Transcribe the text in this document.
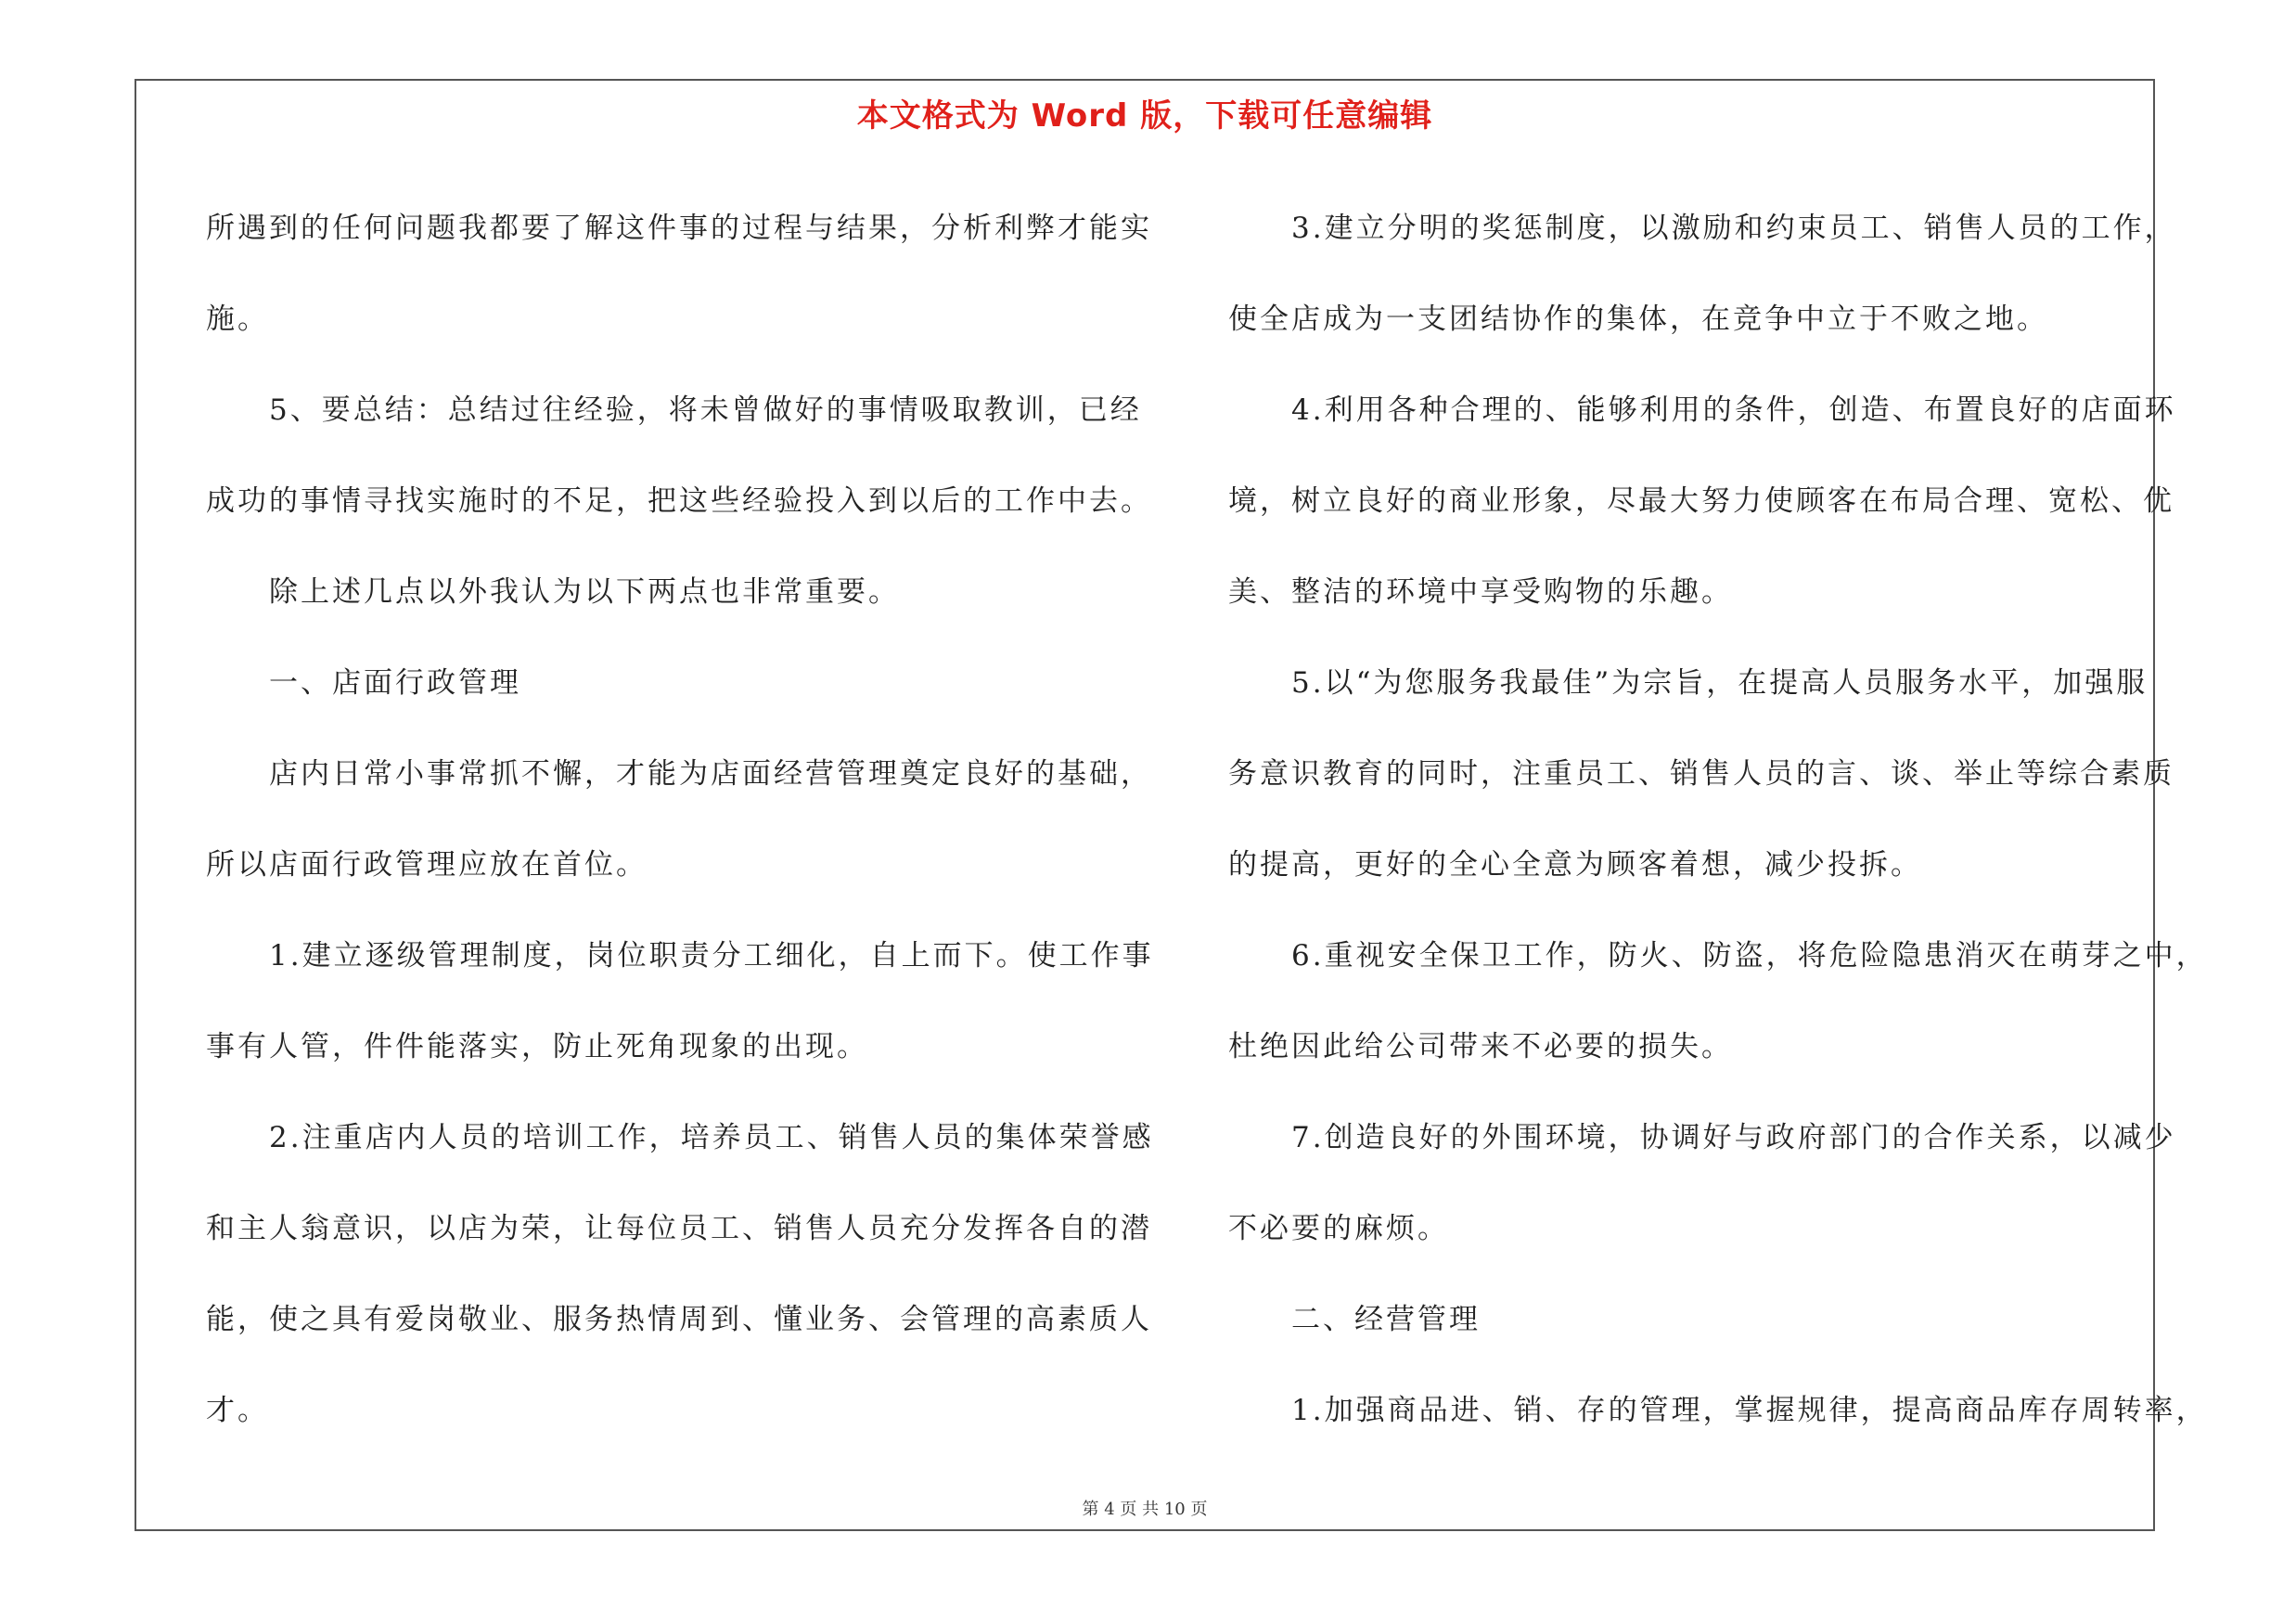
本文格式为 Word 版，下载可任意编辑
所遇到的任何问题我都要了解这件事的过程与结果，分析利弊才能实
施。
5、要总结：总结过往经验，将未曾做好的事情吸取教训，已经
成功的事情寻找实施时的不足，把这些经验投入到以后的工作中去。
除上述几点以外我认为以下两点也非常重要。
一、店面行政管理
店内日常小事常抓不懈，才能为店面经营管理奠定良好的基础，
所以店面行政管理应放在首位。
1.建立逐级管理制度，岗位职责分工细化，自上而下。使工作事
事有人管，件件能落实，防止死角现象的出现。
2.注重店内人员的培训工作，培养员工、销售人员的集体荣誉感
和主人翁意识，以店为荣，让每位员工、销售人员充分发挥各自的潜
能，使之具有爱岗敬业、服务热情周到、懂业务、会管理的高素质人
才。
3.建立分明的奖惩制度，以激励和约束员工、销售人员的工作，
使全店成为一支团结协作的集体，在竞争中立于不败之地。
4.利用各种合理的、能够利用的条件，创造、布置良好的店面环
境，树立良好的商业形象，尽最大努力使顾客在布局合理、宽松、优
美、整洁的环境中享受购物的乐趣。
5.以“为您服务我最佳”为宗旨，在提高人员服务水平，加强服
务意识教育的同时，注重员工、销售人员的言、谈、举止等综合素质
的提高，更好的全心全意为顾客着想，减少投拆。
6.重视安全保卫工作，防火、防盗，将危险隐患消灭在萌芽之中，
杜绝因此给公司带来不必要的损失。
7.创造良好的外围环境，协调好与政府部门的合作关系，以减少
不必要的麻烦。
二、经营管理
1.加强商品进、销、存的管理，掌握规律，提高商品库存周转率，
第 4 页 共 10 页
